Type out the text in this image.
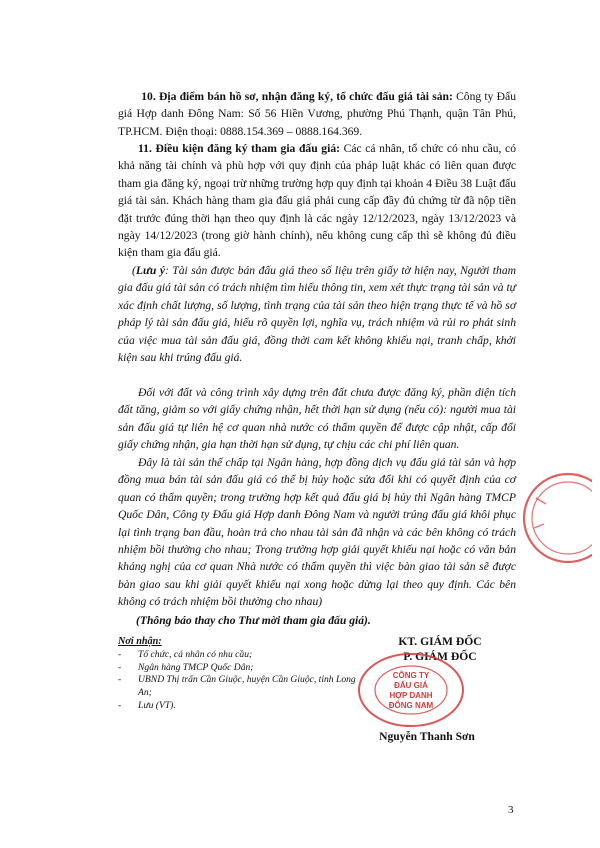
10. Địa điểm bán hồ sơ, nhận đăng ký, tổ chức đấu giá tài sản: Công ty Đấu giá Hợp danh Đông Nam: Số 56 Hiền Vương, phường Phú Thạnh, quận Tân Phú, TP.HCM. Điện thoại: 0888.154.369 – 0888.164.369.
11. Điều kiện đăng ký tham gia đấu giá: Các cá nhân, tổ chức có nhu cầu, có khả năng tài chính và phù hợp với quy định của pháp luật khác có liên quan được tham gia đăng ký, ngoại trừ những trường hợp quy định tại khoản 4 Điều 38 Luật đấu giá tài sản. Khách hàng tham gia đấu giá phải cung cấp đầy đủ chứng từ đã nộp tiền đặt trước đúng thời hạn theo quy định là các ngày 12/12/2023, ngày 13/12/2023 và ngày 14/12/2023 (trong giờ hành chính), nếu không cung cấp thì sẽ không đủ điều kiện tham gia đấu giá.
(Lưu ý: Tài sản được bán đấu giá theo số liệu trên giấy tờ hiện nay, Người tham gia đấu giá tài sản có trách nhiệm tìm hiểu thông tin, xem xét thực trạng tài sản và tự xác định chất lượng, số lượng, tình trạng của tài sản theo hiện trạng thực tế và hồ sơ pháp lý tài sản đấu giá, hiểu rõ quyền lợi, nghĩa vụ, trách nhiệm và rủi ro phát sinh của việc mua tài sản đấu giá, đồng thời cam kết không khiếu nại, tranh chấp, khởi kiện sau khi trúng đấu giá.
Đối với đất và công trình xây dựng trên đất chưa được đăng ký, phần diện tích đất tăng, giảm so với giấy chứng nhận, hết thời hạn sử dụng (nếu có): người mua tài sản đấu giá tự liên hệ cơ quan nhà nước có thẩm quyền để được cập nhật, cấp đổi giấy chứng nhận, gia hạn thời hạn sử dụng, tự chịu các chi phí liên quan.
Đây là tài sản thế chấp tại Ngân hàng, hợp đồng dịch vụ đấu giá tài sản và hợp đồng mua bán tài sản đấu giá có thể bị hủy hoặc sửa đổi khi có quyết định của cơ quan có thẩm quyền; trong trường hợp kết quả đấu giá bị hủy thì Ngân hàng TMCP Quốc Dân, Công ty Đấu giá Hợp danh Đông Nam và người trúng đấu giá khôi phục lại tình trạng ban đầu, hoàn trả cho nhau tài sản đã nhận và các bên không có trách nhiệm bồi thường cho nhau; Trong trường hợp giải quyết khiếu nại hoặc có văn bản kháng nghị của cơ quan Nhà nước có thẩm quyền thì việc bàn giao tài sản sẽ được bàn giao sau khi giải quyết khiếu nại xong hoặc dừng lại theo quy định. Các bên không có trách nhiệm bồi thường cho nhau)
(Thông báo thay cho Thư mời tham gia đấu giá).
Nơi nhận:
- Tổ chức, cá nhân có nhu cầu;
- Ngân hàng TMCP Quốc Dân;
- UBND Thị trấn Cần Giuộc, huyện Cần Giuộc, tỉnh Long An;
- Lưu (VT).
KT. GIÁM ĐỐC
P. GIÁM ĐỐC
CÔNG TY
ĐẤU GIÁ
HỢP DANH
ĐÔNG NAM
Nguyễn Thanh Sơn
3
